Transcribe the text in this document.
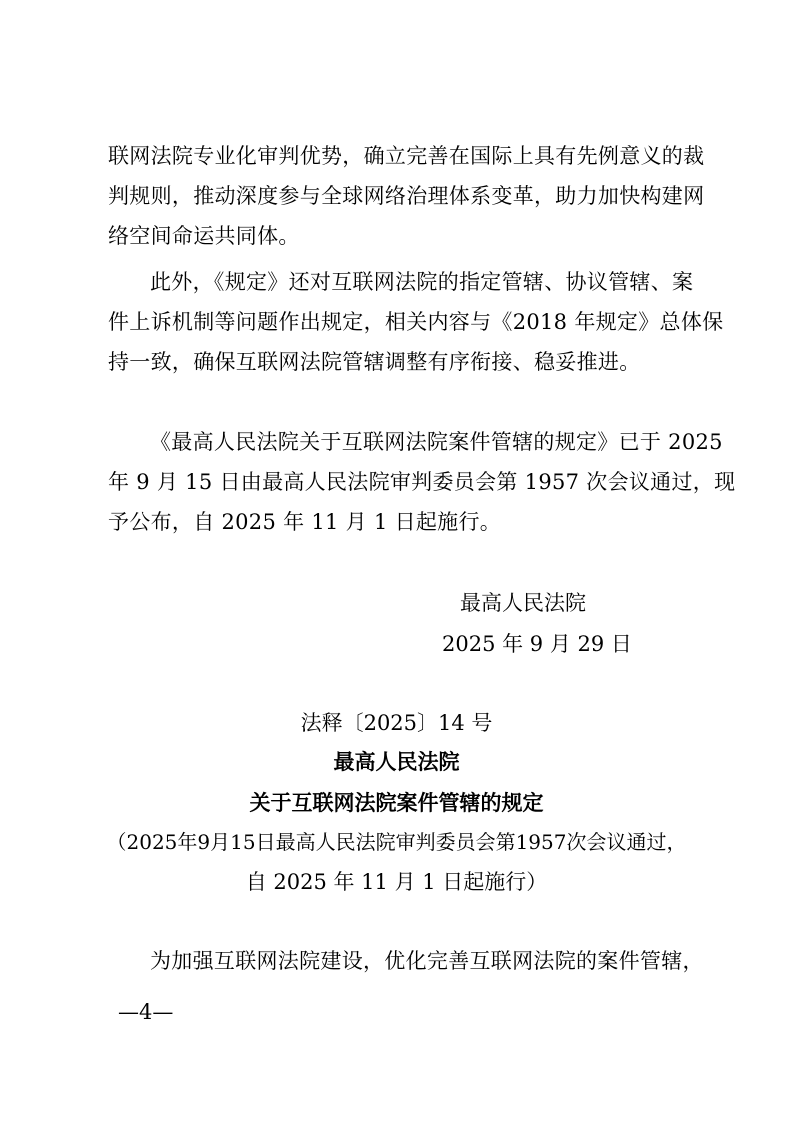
联网法院专业化审判优势，确立完善在国际上具有先例意义的裁
判规则，推动深度参与全球网络治理体系变革，助力加快构建网
络空间命运共同体。

此外，《规定》还对互联网法院的指定管辖、协议管辖、案
件上诉机制等问题作出规定，相关内容与《2018 年规定》总体保
持一致，确保互联网法院管辖调整有序衔接、稳妥推进。

《最高人民法院关于互联网法院案件管辖的规定》已于 2025
年 9 月 15 日由最高人民法院审判委员会第 1957 次会议通过，现
予公布，自 2025 年 11 月 1 日起施行。

最高人民法院

2025 年 9 月 29 日

法释〔2025〕14 号

最高人民法院

关于互联网法院案件管辖的规定

（2025年9月15日最高人民法院审判委员会第1957次会议通过，

自 2025 年 11 月 1 日起施行）

为加强互联网法院建设，优化完善互联网法院的案件管辖，

—4—
